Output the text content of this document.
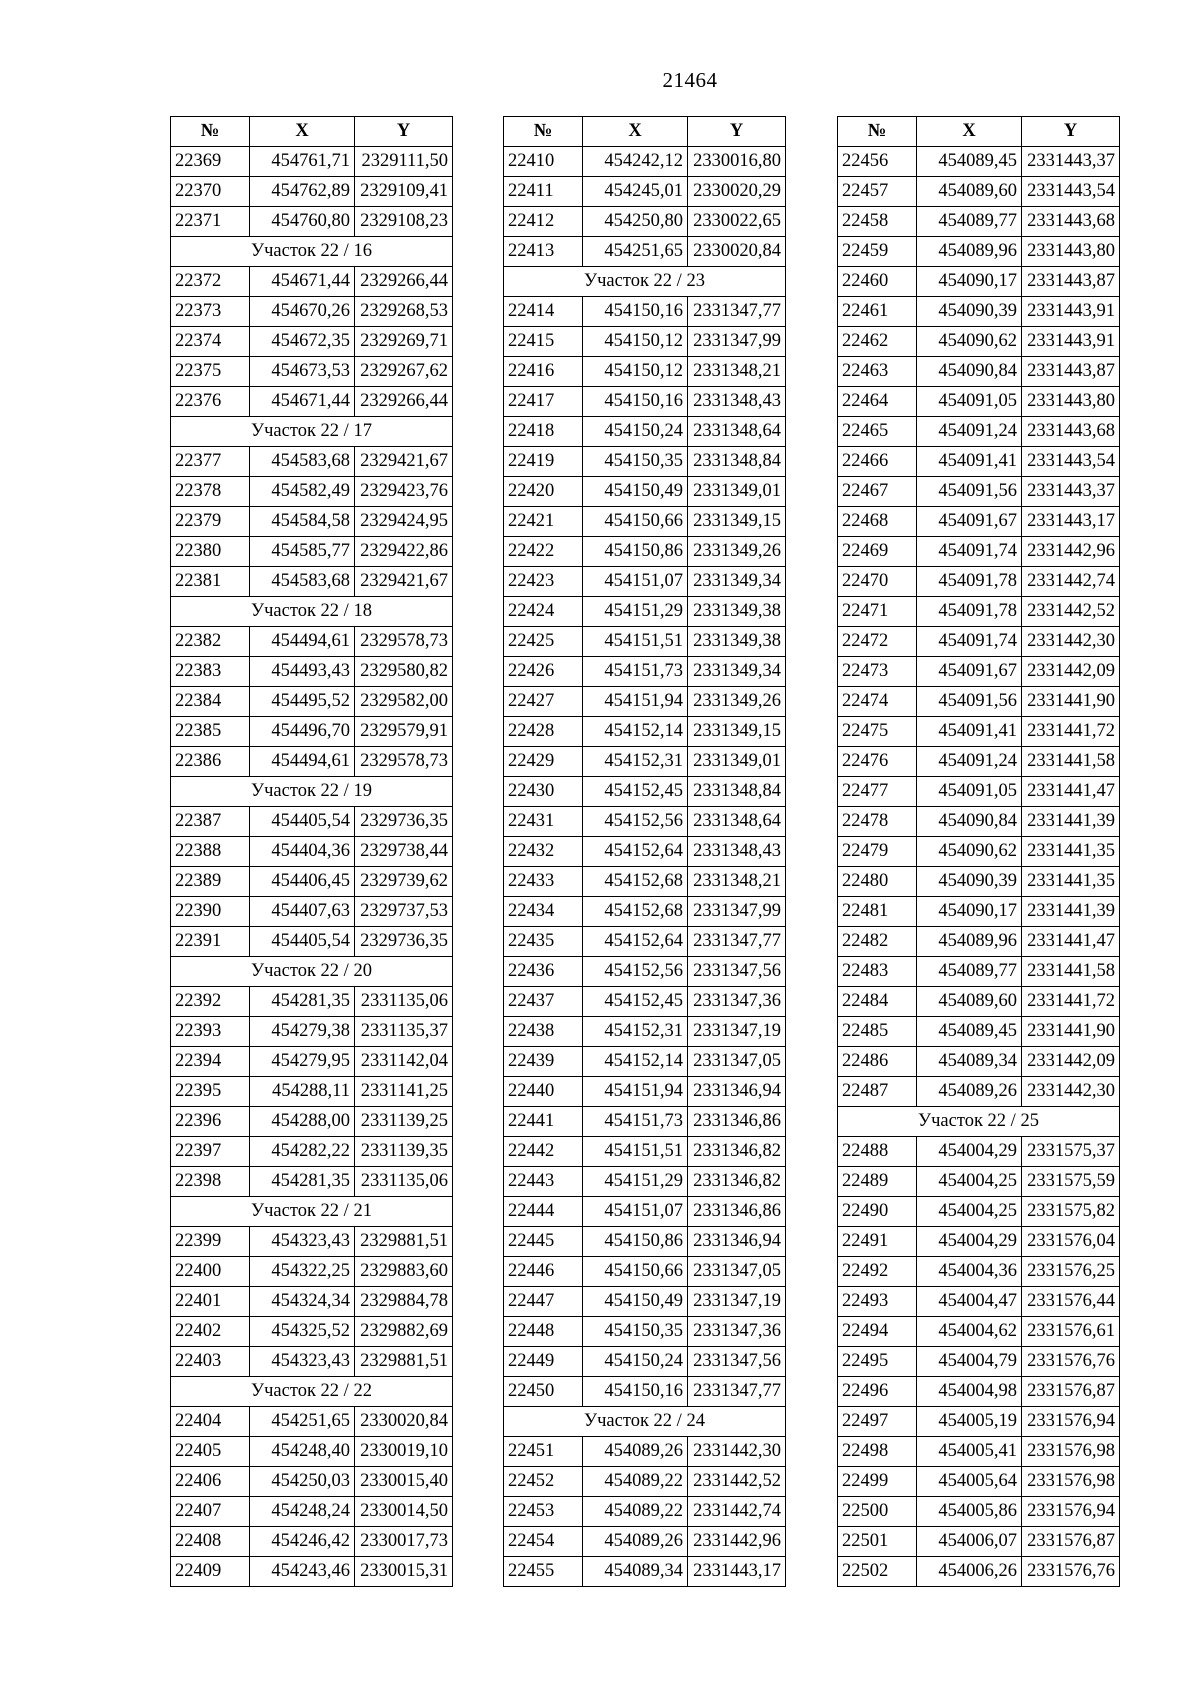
21464
№	X	Y
22369	454761,71	2329111,50
22370	454762,89	2329109,41
22371	454760,80	2329108,23
Участок 22 / 16		
22372	454671,44	2329266,44
22373	454670,26	2329268,53
22374	454672,35	2329269,71
22375	454673,53	2329267,62
22376	454671,44	2329266,44
Участок 22 / 17		
22377	454583,68	2329421,67
22378	454582,49	2329423,76
22379	454584,58	2329424,95
22380	454585,77	2329422,86
22381	454583,68	2329421,67
Участок 22 / 18		
22382	454494,61	2329578,73
22383	454493,43	2329580,82
22384	454495,52	2329582,00
22385	454496,70	2329579,91
22386	454494,61	2329578,73
Участок 22 / 19		
22387	454405,54	2329736,35
22388	454404,36	2329738,44
22389	454406,45	2329739,62
22390	454407,63	2329737,53
22391	454405,54	2329736,35
Участок 22 / 20		
22392	454281,35	2331135,06
22393	454279,38	2331135,37
22394	454279,95	2331142,04
22395	454288,11	2331141,25
22396	454288,00	2331139,25
22397	454282,22	2331139,35
22398	454281,35	2331135,06
Участок 22 / 21		
22399	454323,43	2329881,51
22400	454322,25	2329883,60
22401	454324,34	2329884,78
22402	454325,52	2329882,69
22403	454323,43	2329881,51
Участок 22 / 22		
22404	454251,65	2330020,84
22405	454248,40	2330019,10
22406	454250,03	2330015,40
22407	454248,24	2330014,50
22408	454246,42	2330017,73
22409	454243,46	2330015,31
№	X	Y
22410	454242,12	2330016,80
22411	454245,01	2330020,29
22412	454250,80	2330022,65
22413	454251,65	2330020,84
Участок 22 / 23		
22414	454150,16	2331347,77
22415	454150,12	2331347,99
22416	454150,12	2331348,21
22417	454150,16	2331348,43
22418	454150,24	2331348,64
22419	454150,35	2331348,84
22420	454150,49	2331349,01
22421	454150,66	2331349,15
22422	454150,86	2331349,26
22423	454151,07	2331349,34
22424	454151,29	2331349,38
22425	454151,51	2331349,38
22426	454151,73	2331349,34
22427	454151,94	2331349,26
22428	454152,14	2331349,15
22429	454152,31	2331349,01
22430	454152,45	2331348,84
22431	454152,56	2331348,64
22432	454152,64	2331348,43
22433	454152,68	2331348,21
22434	454152,68	2331347,99
22435	454152,64	2331347,77
22436	454152,56	2331347,56
22437	454152,45	2331347,36
22438	454152,31	2331347,19
22439	454152,14	2331347,05
22440	454151,94	2331346,94
22441	454151,73	2331346,86
22442	454151,51	2331346,82
22443	454151,29	2331346,82
22444	454151,07	2331346,86
22445	454150,86	2331346,94
22446	454150,66	2331347,05
22447	454150,49	2331347,19
22448	454150,35	2331347,36
22449	454150,24	2331347,56
22450	454150,16	2331347,77
Участок 22 / 24		
22451	454089,26	2331442,30
22452	454089,22	2331442,52
22453	454089,22	2331442,74
22454	454089,26	2331442,96
22455	454089,34	2331443,17
№	X	Y
22456	454089,45	2331443,37
22457	454089,60	2331443,54
22458	454089,77	2331443,68
22459	454089,96	2331443,80
22460	454090,17	2331443,87
22461	454090,39	2331443,91
22462	454090,62	2331443,91
22463	454090,84	2331443,87
22464	454091,05	2331443,80
22465	454091,24	2331443,68
22466	454091,41	2331443,54
22467	454091,56	2331443,37
22468	454091,67	2331443,17
22469	454091,74	2331442,96
22470	454091,78	2331442,74
22471	454091,78	2331442,52
22472	454091,74	2331442,30
22473	454091,67	2331442,09
22474	454091,56	2331441,90
22475	454091,41	2331441,72
22476	454091,24	2331441,58
22477	454091,05	2331441,47
22478	454090,84	2331441,39
22479	454090,62	2331441,35
22480	454090,39	2331441,35
22481	454090,17	2331441,39
22482	454089,96	2331441,47
22483	454089,77	2331441,58
22484	454089,60	2331441,72
22485	454089,45	2331441,90
22486	454089,34	2331442,09
22487	454089,26	2331442,30
Участок 22 / 25		
22488	454004,29	2331575,37
22489	454004,25	2331575,59
22490	454004,25	2331575,82
22491	454004,29	2331576,04
22492	454004,36	2331576,25
22493	454004,47	2331576,44
22494	454004,62	2331576,61
22495	454004,79	2331576,76
22496	454004,98	2331576,87
22497	454005,19	2331576,94
22498	454005,41	2331576,98
22499	454005,64	2331576,98
22500	454005,86	2331576,94
22501	454006,07	2331576,87
22502	454006,26	2331576,76
